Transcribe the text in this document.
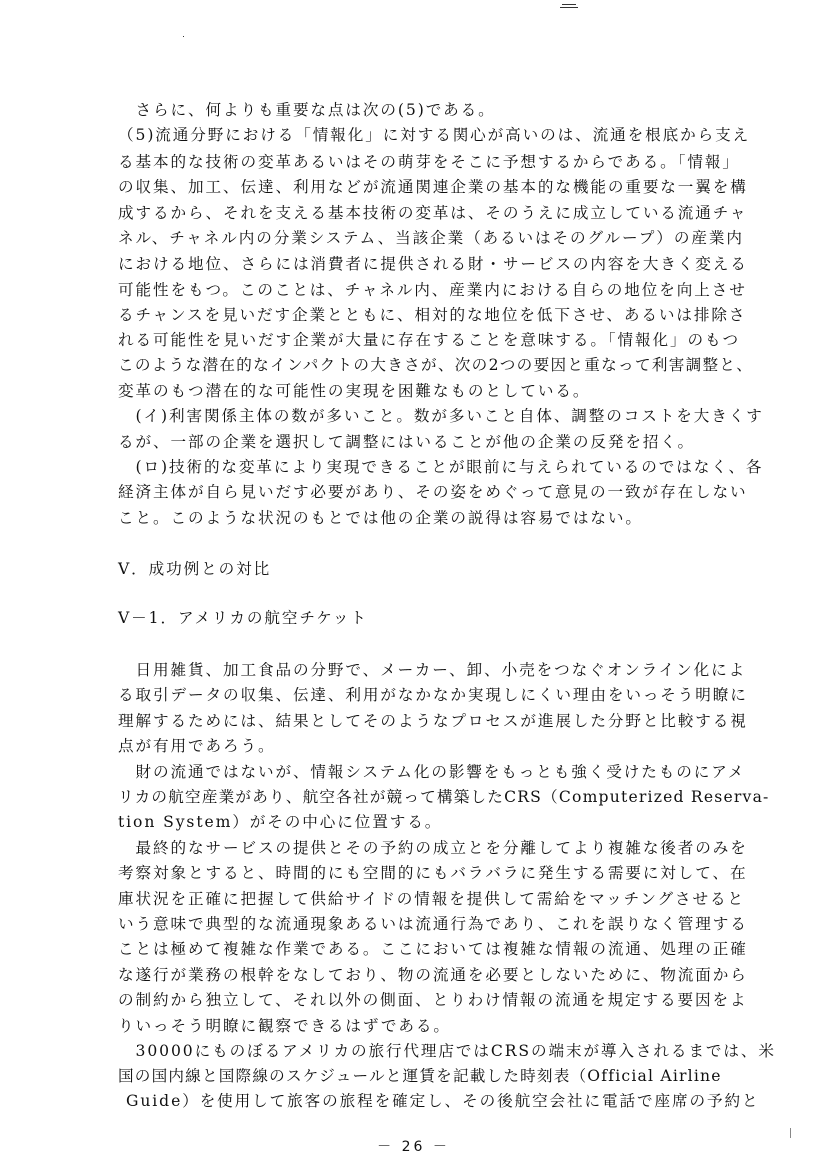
　さらに、何よりも重要な点は次の(5)である。
（5)流通分野における「情報化」に対する関心が高いのは、流通を根底から支え
る基本的な技術の変革あるいはその萌芽をそこに予想するからである。「情報」
の収集、加工、伝達、利用などが流通関連企業の基本的な機能の重要な一翼を構
成するから、それを支える基本技術の変革は、そのうえに成立している流通チャ
ネル、チャネル内の分業システム、当該企業（あるいはそのグループ）の産業内
における地位、さらには消費者に提供される財・サービスの内容を大きく変える
可能性をもつ。このことは、チャネル内、産業内における自らの地位を向上させ
るチャンスを見いだす企業とともに、相対的な地位を低下させ、あるいは排除さ
れる可能性を見いだす企業が大量に存在することを意味する。「情報化」のもつ
このような潜在的なインパクトの大きさが、次の2つの要因と重なって利害調整と、
変革のもつ潜在的な可能性の実現を困難なものとしている。
　(イ)利害関係主体の数が多いこと。数が多いこと自体、調整のコストを大きくす
るが、一部の企業を選択して調整にはいることが他の企業の反発を招く。
　(ロ)技術的な変革により実現できることが眼前に与えられているのではなく、各
経済主体が自ら見いだす必要があり、その姿をめぐって意見の一致が存在しない
こと。このような状況のもとでは他の企業の説得は容易ではない。
Ⅴ．成功例との対比
Ⅴ－1．アメリカの航空チケット
　日用雑貨、加工食品の分野で、メーカー、卸、小売をつなぐオンライン化によ
る取引データの収集、伝達、利用がなかなか実現しにくい理由をいっそう明瞭に
理解するためには、結果としてそのようなプロセスが進展した分野と比較する視
点が有用であろう。
　財の流通ではないが、情報システム化の影響をもっとも強く受けたものにアメ
リカの航空産業があり、航空各社が競って構築したCRS（Computerized Reserva-
tion System）がその中心に位置する。
　最終的なサービスの提供とその予約の成立とを分離してより複雑な後者のみを
考察対象とすると、時間的にも空間的にもバラバラに発生する需要に対して、在
庫状況を正確に把握して供給サイドの情報を提供して需給をマッチングさせると
いう意味で典型的な流通現象あるいは流通行為であり、これを誤りなく管理する
ことは極めて複雑な作業である。ここにおいては複雑な情報の流通、処理の正確
な遂行が業務の根幹をなしており、物の流通を必要としないために、物流面から
の制約から独立して、それ以外の側面、とりわけ情報の流通を規定する要因をよ
りいっそう明瞭に観察できるはずである。
　30000にものぼるアメリカの旅行代理店ではCRSの端末が導入されるまでは、米
国の国内線と国際線のスケジュールと運賃を記載した時刻表（Official Airline
Guide）を使用して旅客の旅程を確定し、その後航空会社に電話で座席の予約と
－ 26 －
